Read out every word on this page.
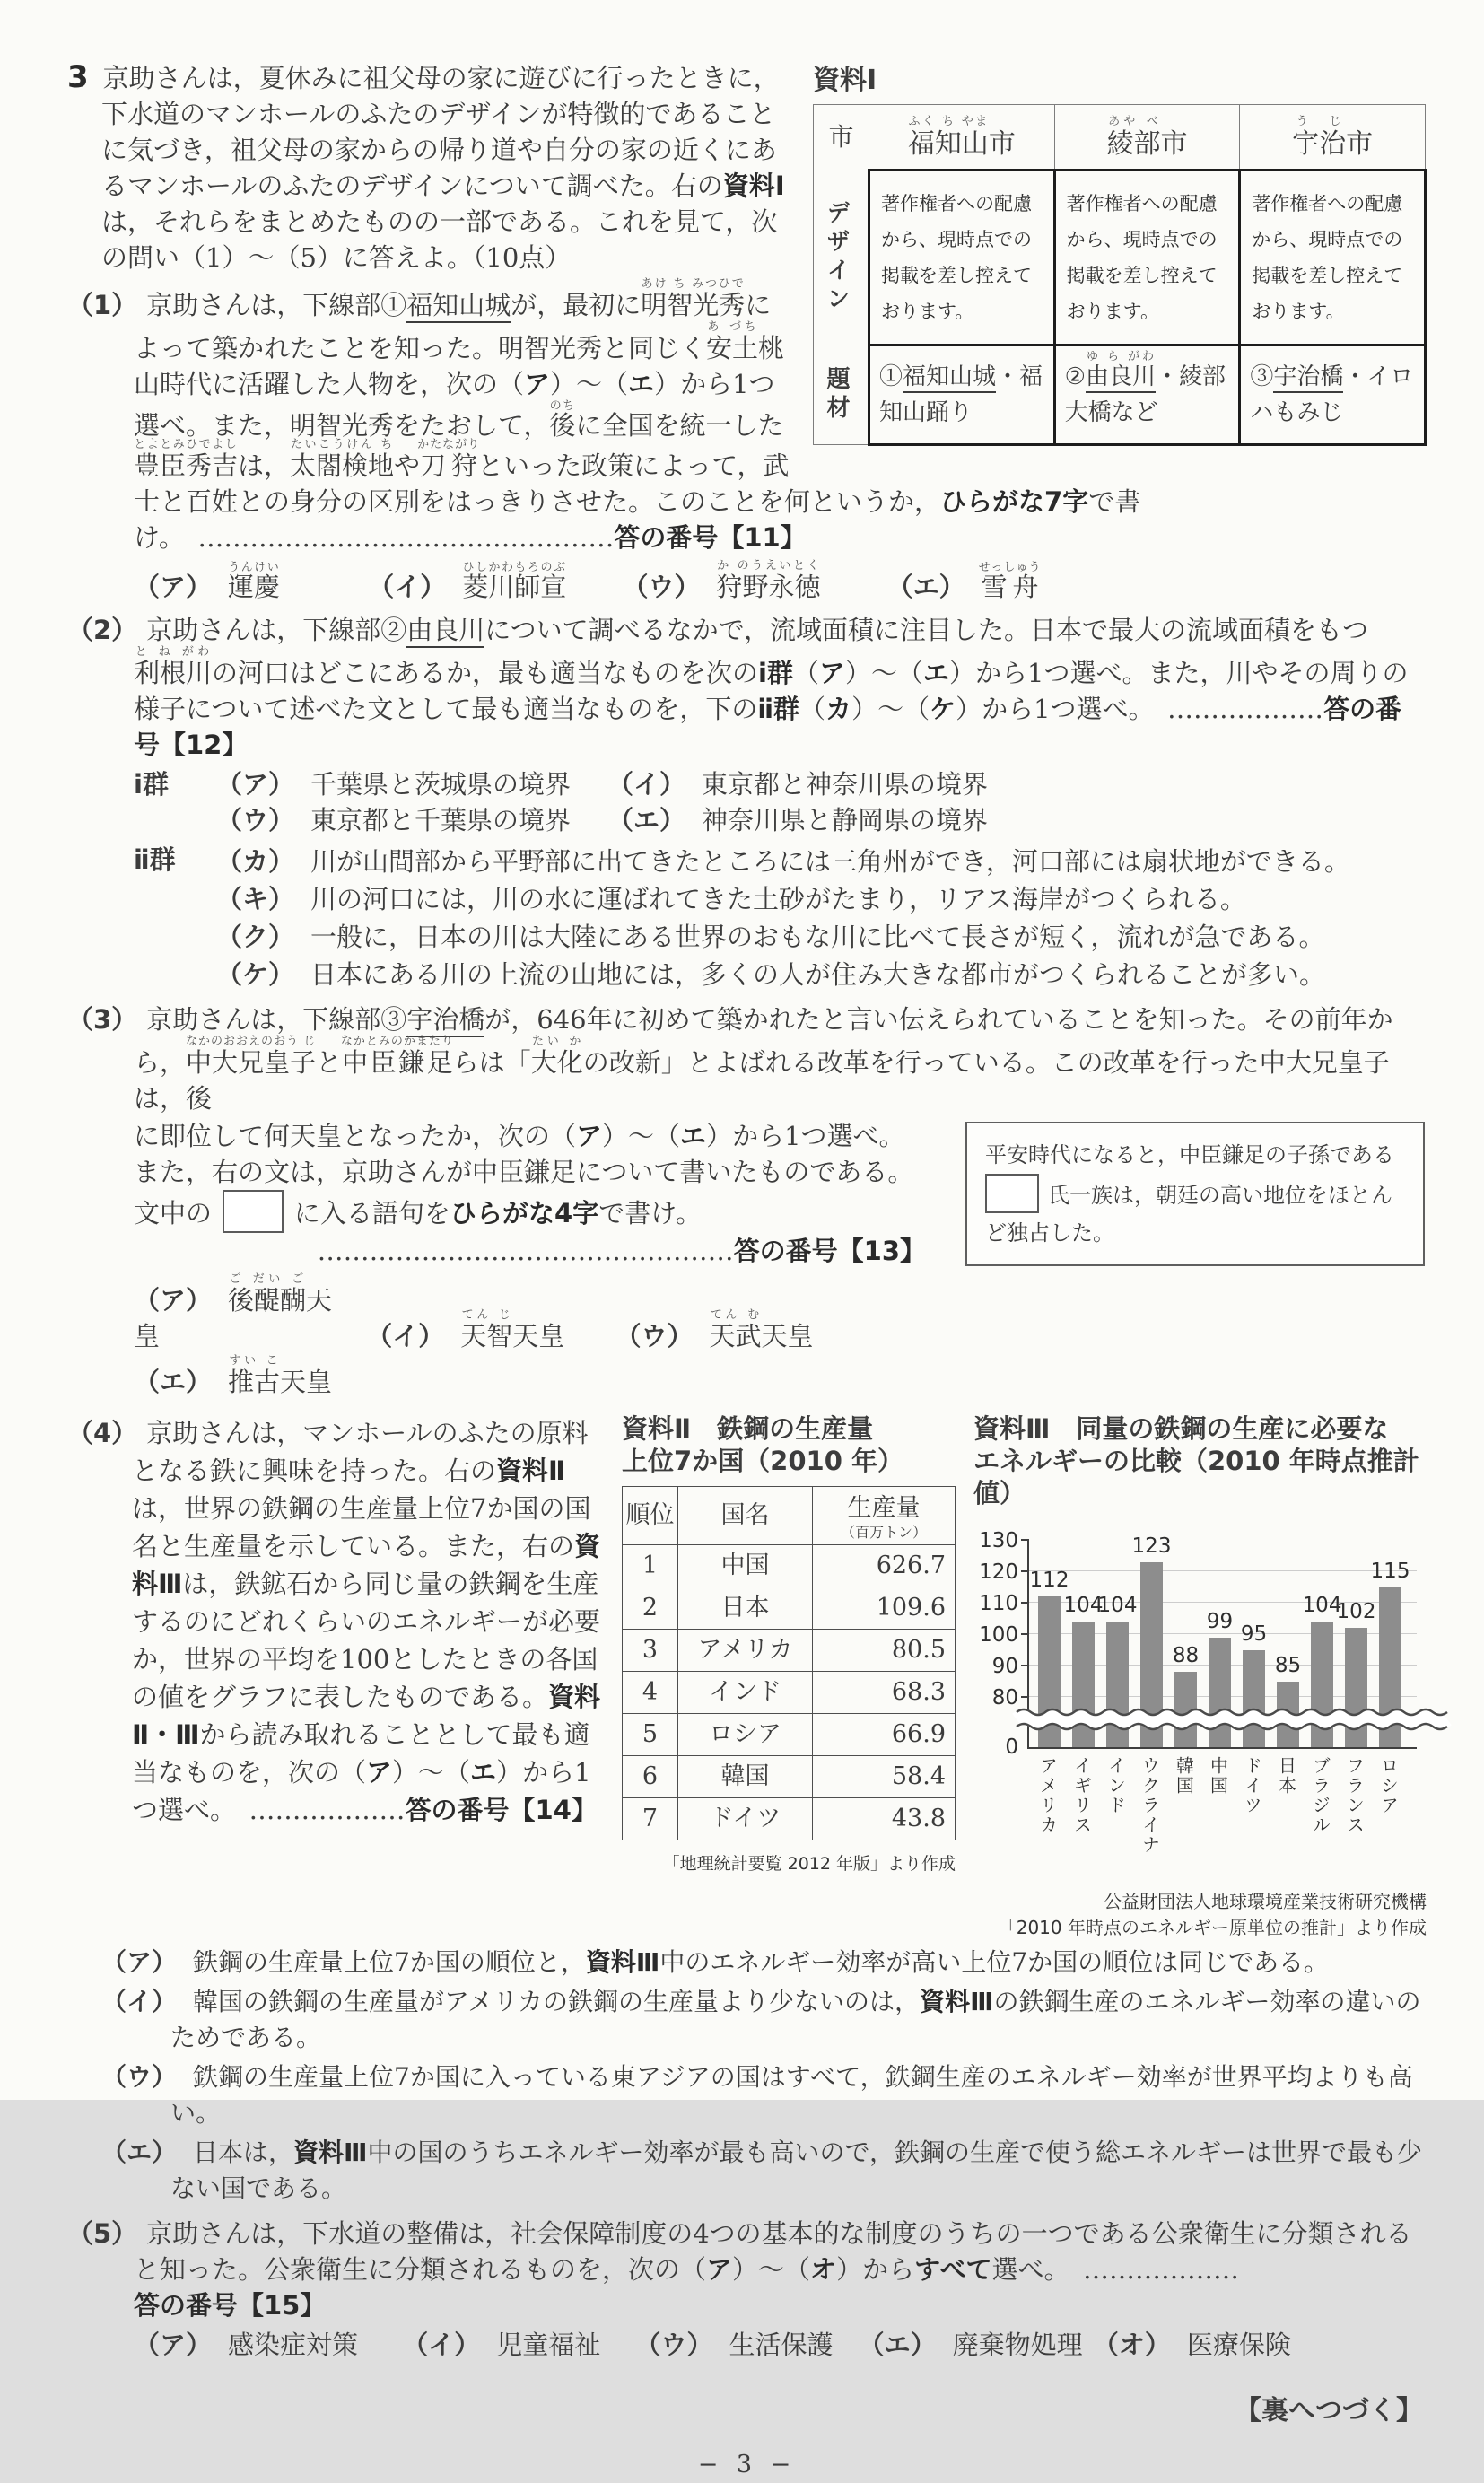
資料Ⅰ
市	福知山ふく ち やま市	綾部あや べ市	宇治う じ市

デザイン	著作権者への配慮から、現時点での掲載を差し控えております。	著作権者への配慮から、現時点での掲載を差し控えております。	著作権者への配慮から、現時点での掲載を差し控えております。

題材	①福知山城・福知山踊り	②由良川ゆ ら がわ・綾部大橋など	③宇治橋・イロハもみじ

3 京助さんは，夏休みに祖父母の家に遊びに行ったときに，下水道のマンホールのふたのデザインが特徴的であることに気づき，祖父母の家からの帰り道や自分の家の近くにあるマンホールのふたのデザインについて調べた。右の資料Ⅰは，それらをまとめたものの一部である。これを見て，次の問い（1）〜（5）に答えよ。（10点）

（1） 京助さんは，下線部①福知山城が，最初に明智光秀あけ ち みつひでによって築かれたことを知った。明智光秀と同じく安土あ づち桃山時代に活躍した人物を，次の（ア）〜（エ）から1つ選べ。また，明智光秀をたおして，後のちに全国を統一した豊臣秀吉とよとみひでよしは，太閤検地たいこうけん ちや刀狩かたながりといった政策によって，武士と百姓との身分の区別をはっきりさせた。このことを何というか，ひらがな7字で書け。　…………………………………………答の番号【11】

（ア） 運慶うんけい （イ） 菱川師宣ひしかわもろのぶ （ウ） 狩野永徳か のうえいとく （エ） 雪舟せっしゅう

（2） 京助さんは，下線部②由良川について調べるなかで，流域面積に注目した。日本で最大の流域面積をもつ利根川と ね がわの河口はどこにあるか，最も適当なものを次のⅰ群（ア）〜（エ）から1つ選べ。また，川やその周りの様子について述べた文として最も適当なものを，下のⅱ群（カ）〜（ケ）から1つ選べ。　………………答の番号【12】

ⅰ群	（ア） 千葉県と茨城県の境界	（イ） 東京都と神奈川県の境界
（ウ） 東京都と千葉県の境界	（エ） 神奈川県と静岡県の境界
ⅱ群	（カ） 川が山間部から平野部に出てきたところには三角州ができ，河口部には扇状地ができる。
（キ） 川の河口には，川の水に運ばれてきた土砂がたまり，リアス海岸がつくられる。
（ク） 一般に，日本の川は大陸にある世界のおもな川に比べて長さが短く，流れが急である。
（ケ） 日本にある川の上流の山地には，多くの人が住み大きな都市がつくられることが多い。

（3） 京助さんは，下線部③宇治橋が，646年に初めて築かれたと言い伝えられていることを知った。その前年から，中大兄皇子なかのおおえのおう じと中臣鎌足なかとみのかまたりらは「大化たい かの改新」とよばれる改革を行っている。この改革を行った中大兄皇子は，後

平安時代になると，中臣鎌足の子孫である
氏一族は，朝廷の高い地位をほとん
ど独占した。

に即位して何天皇となったか，次の（ア）〜（エ）から1つ選べ。また，右の文は，京助さんが中臣鎌足について書いたものである。文中の	に入る語句をひらがな4字で書け。

…………………………………………答の番号【13】

（ア） 後醍醐ご だい ご天皇	（イ） 天智てん じ天皇 （ウ） 天武てん む天皇 （エ） 推古すい こ天皇

（4） 京助さんは，マンホールのふたの原料となる鉄に興味を持った。右の資料Ⅱは，世界の鉄鋼の生産量上位7か国の国名と生産量を示している。また，右の資料Ⅲは，鉄鉱石から同じ量の鉄鋼を生産するのにどれくらいのエネルギーが必要か，世界の平均を100としたときの各国の値をグラフに表したものである。資料Ⅱ・Ⅲから読み取れることとして最も適当なものを，次の（ア）〜（エ）から1つ選べ。　………………答の番号【14】

資料Ⅱ　鉄鋼の生産量
上位7か国（2010 年）
順位	国名	生産量
（百万トン）

1	中国	626.7
2	日本	109.6
3	アメリカ	80.5
4	インド	68.3
5	ロシア	66.9
6	韓国	58.4
7	ドイツ	43.8
「地理統計要覧 2012 年版」より作成
資料Ⅲ　同量の鉄鋼の生産に必要な
エネルギーの比較（2010 年時点推計値）
0
80
90
100
110
120
130
112
104
104
123
88
99
95
85
104
102
115
アメリカ イギリス インド ウクライナ 韓国 中国 ドイツ 日本 ブラジル フランス ロシア
公益財団法人地球環境産業技術研究機構
「2010 年時点のエネルギー原単位の推計」より作成

（ア） 鉄鋼の生産量上位7か国の順位と，資料Ⅲ中のエネルギー効率が高い上位7か国の順位は同じである。

（イ） 韓国の鉄鋼の生産量がアメリカの鉄鋼の生産量より少ないのは，資料Ⅲの鉄鋼生産のエネルギー効率の違いのためである。

（ウ） 鉄鋼の生産量上位7か国に入っている東アジアの国はすべて，鉄鋼生産のエネルギー効率が世界平均よりも高い。

（エ） 日本は，資料Ⅲ中の国のうちエネルギー効率が最も高いので，鉄鋼の生産で使う総エネルギーは世界で最も少ない国である。

（5） 京助さんは，下水道の整備は，社会保障制度の4つの基本的な制度のうちの一つである公衆衛生に分類されると知った。公衆衛生に分類されるものを，次の（ア）〜（オ）からすべて選べ。　………………答の番号【15】

（ア） 感染症対策 （イ） 児童福祉 （ウ） 生活保護 （エ） 廃棄物処理 （オ） 医療保険

【裏へつづく】
− 3 −
